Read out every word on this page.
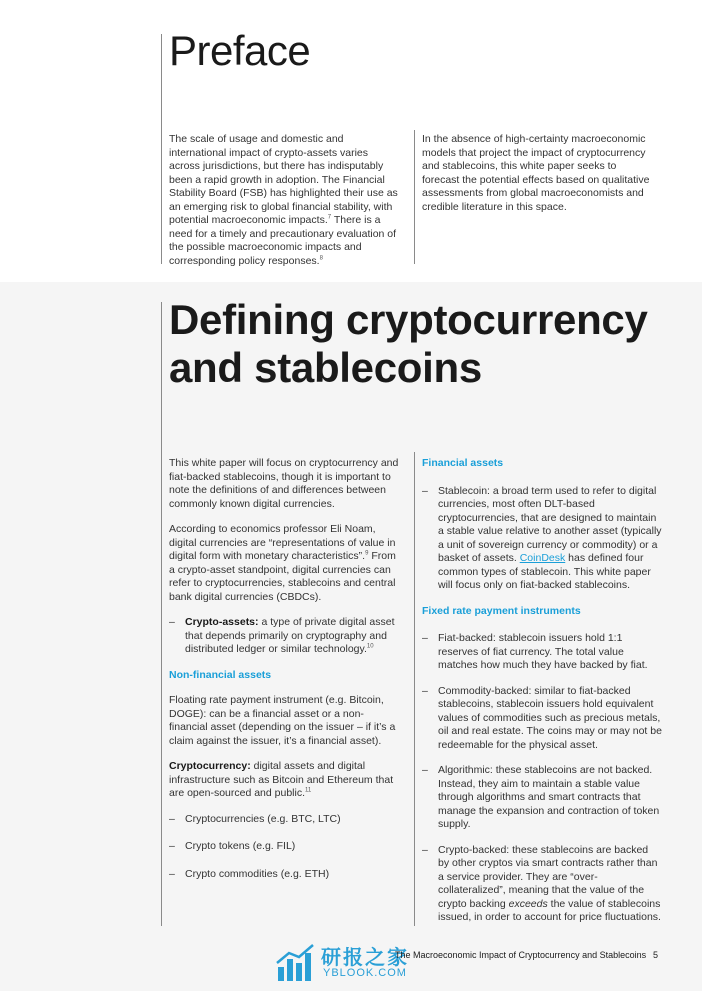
Preface

The scale of usage and domestic and international impact of crypto-assets varies across jurisdictions, but there has indisputably been a rapid growth in adoption. The Financial Stability Board (FSB) has highlighted their use as an emerging risk to global financial stability, with potential macroeconomic impacts.$^7$ There is a need for a timely and precautionary evaluation of the possible macroeconomic impacts and corresponding policy responses.$^8$

In the absence of high-certainty macroeconomic models that project the impact of cryptocurrency and stablecoins, this white paper seeks to forecast the potential effects based on qualitative assessments from global macroeconomists and credible literature in this space.

Defining cryptocurrency and stablecoins

This white paper will focus on cryptocurrency and fiat-backed stablecoins, though it is important to note the definitions of and differences between commonly known digital currencies.

According to economics professor Eli Noam, digital currencies are “representations of value in digital form with monetary characteristics”.$^9$ From a crypto-asset standpoint, digital currencies can refer to cryptocurrencies, stablecoins and central bank digital currencies (CBDCs).

– Crypto-assets: a type of private digital asset that depends primarily on cryptography and distributed ledger or similar technology.$^{10}$
Non-financial assets

Floating rate payment instrument (e.g. Bitcoin, DOGE): can be a financial asset or a non-financial asset (depending on the issuer – if it’s a claim against the issuer, it’s a financial asset).

Cryptocurrency: digital assets and digital infrastructure such as Bitcoin and Ethereum that are open-sourced and public.$^{11}$

– Cryptocurrencies (e.g. BTC, LTC)
– Crypto tokens (e.g. FIL)
– Crypto commodities (e.g. ETH)
Financial assets
– Stablecoin: a broad term used to refer to digital currencies, most often DLT-based cryptocurrencies, that are designed to maintain a stable value relative to another asset (typically a unit of sovereign currency or commodity) or a basket of assets. CoinDesk has defined four common types of stablecoin. This white paper will focus only on fiat-backed stablecoins.
Fixed rate payment instruments
– Fiat-backed: stablecoin issuers hold 1:1 reserves of fiat currency. The total value matches how much they have backed by fiat.
– Commodity-backed: similar to fiat-backed stablecoins, stablecoin issuers hold equivalent values of commodities such as precious metals, oil and real estate. The coins may or may not be redeemable for the physical asset.
– Algorithmic: these stablecoins are not backed. Instead, they aim to maintain a stable value through algorithms and smart contracts that manage the expansion and contraction of token supply.
– Crypto-backed: these stablecoins are backed by other cryptos via smart contracts rather than a service provider. They are “over-collateralized”, meaning that the value of the crypto backing exceeds the value of stablecoins issued, in order to account for price fluctuations.
研报之家
YBLOOK.COM
The Macroeconomic Impact of Cryptocurrency and Stablecoins 5
